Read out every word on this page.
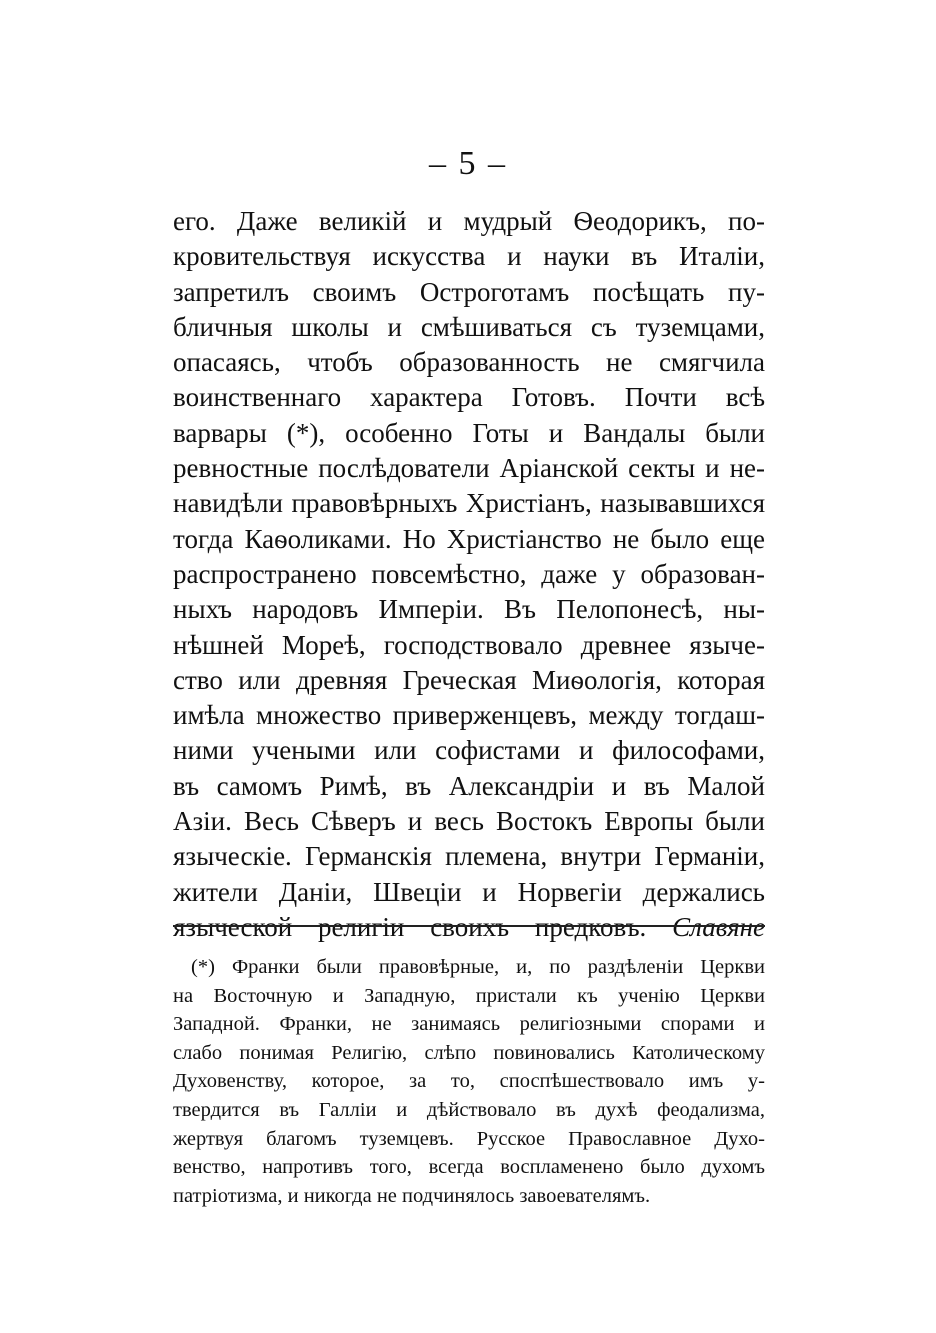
– 5 –
его. Даже великій и мудрый Ѳеодорикъ, по-
кровительствуя искусства и науки въ Италіи,
запретилъ своимъ Остроготамъ посѣщать пу-
бличныя школы и смѣшиваться съ туземцами,
опасаясь, чтобъ образованность не смягчила
воинственнаго характера Готовъ. Почти всѣ
варвары (*), особенно Готы и Вандалы были
ревностные послѣдователи Аріанской секты и не-
навидѣли правовѣрныхъ Христіанъ, называвшихся
тогда Каѳоликами. Но Христіанство не было еще
распространено повсемѣстно, даже у образован-
ныхъ народовъ Имперіи. Въ Пелопонесѣ, ны-
нѣшней Мореѣ, господствовало древнее языче-
ство или древняя Греческая Миѳологія, которая
имѣла множество приверженцевъ, между тогдаш-
ними учеными или софистами и философами,
въ самомъ Римѣ, въ Александріи и въ Малой
Азіи. Весь Сѣверъ и весь Востокъ Европы были
языческіе. Германскія племена, внутри Германіи,
жители Даніи, Швеціи и Норвегіи держались
языческой религіи своихъ предковъ. Славяне
(*) Франки были правовѣрные, и, по раздѣленіи Церкви
на Восточную и Западную, пристали къ ученію Церкви
Западной. Франки, не занимаясь религіозными спорами и
слабо понимая Религію, слѣпо повиновались Католическому
Духовенству, которое, за то, споспѣшествовало имъ у-
твердится въ Галліи и дѣйствовало въ духѣ феодализма,
жертвуя благомъ туземцевъ. Русское Православное Духо-
венство, напротивъ того, всегда воспламенено было духомъ
патріотизма, и никогда не подчинялось завоевателямъ.
